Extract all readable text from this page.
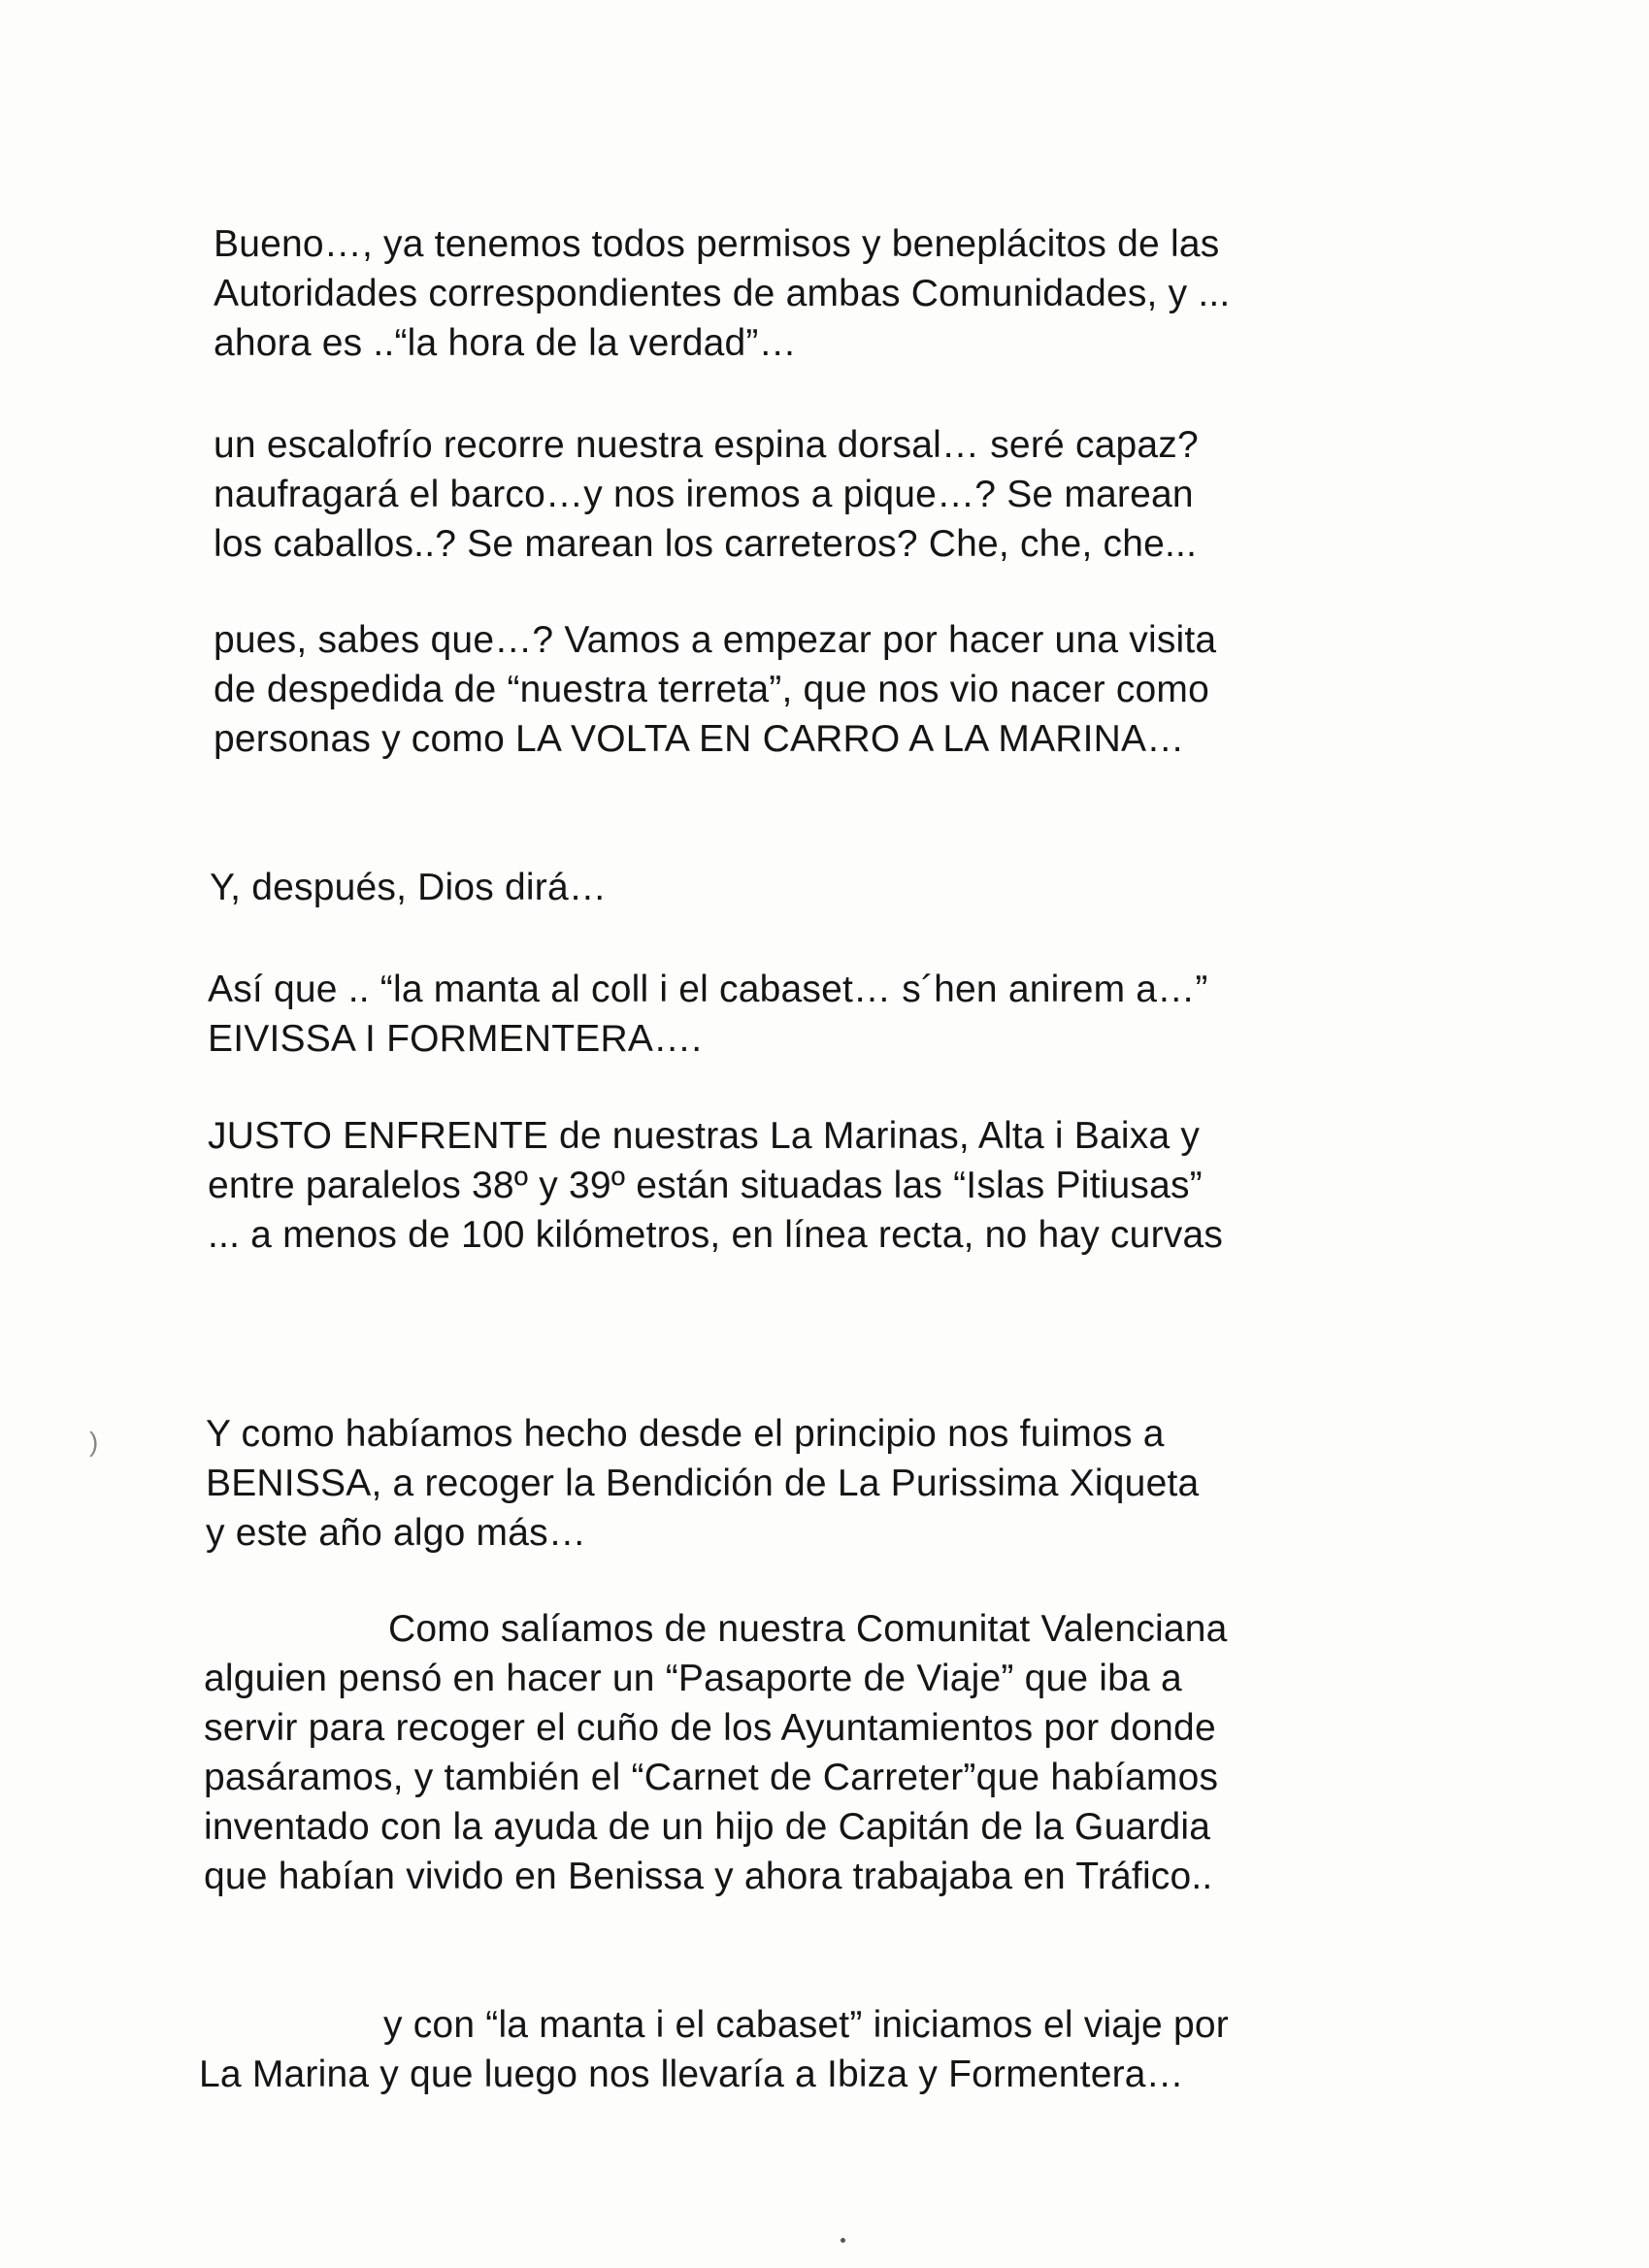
Bueno…, ya tenemos todos permisos y beneplácitos de las
Autoridades correspondientes de ambas Comunidades, y ...
ahora es ..“la hora de la verdad”…
un escalofrío recorre nuestra espina dorsal… seré capaz?
naufragará el barco…y nos iremos a pique…? Se marean
los caballos..? Se marean los carreteros? Che, che, che...
pues, sabes que…? Vamos a empezar por hacer una visita
de despedida de “nuestra terreta”, que nos vio nacer como
personas y como LA VOLTA EN CARRO A LA MARINA…
Y, después, Dios dirá…
Así que .. “la manta al coll i el cabaset… s´hen anirem a…”
EIVISSA I FORMENTERA….
JUSTO ENFRENTE de nuestras La Marinas, Alta i Baixa y
entre paralelos 38º y 39º están situadas las “Islas Pitiusas”
... a menos de 100 kilómetros, en línea recta, no hay curvas
Y como habíamos hecho desde el principio nos fuimos a
BENISSA, a recoger la Bendición de La Purissima Xiqueta
y este año algo más…
Como salíamos de nuestra Comunitat Valenciana
alguien pensó en hacer un “Pasaporte de Viaje” que iba a
servir para recoger el cuño de los Ayuntamientos por donde
pasáramos, y también el “Carnet de Carreter”que habíamos
inventado con la ayuda de un hijo de Capitán de la Guardia
que habían vivido en Benissa y ahora trabajaba en Tráfico..
y con “la manta i el cabaset” iniciamos el viaje por
La Marina y que luego nos llevaría a Ibiza y Formentera…
)
